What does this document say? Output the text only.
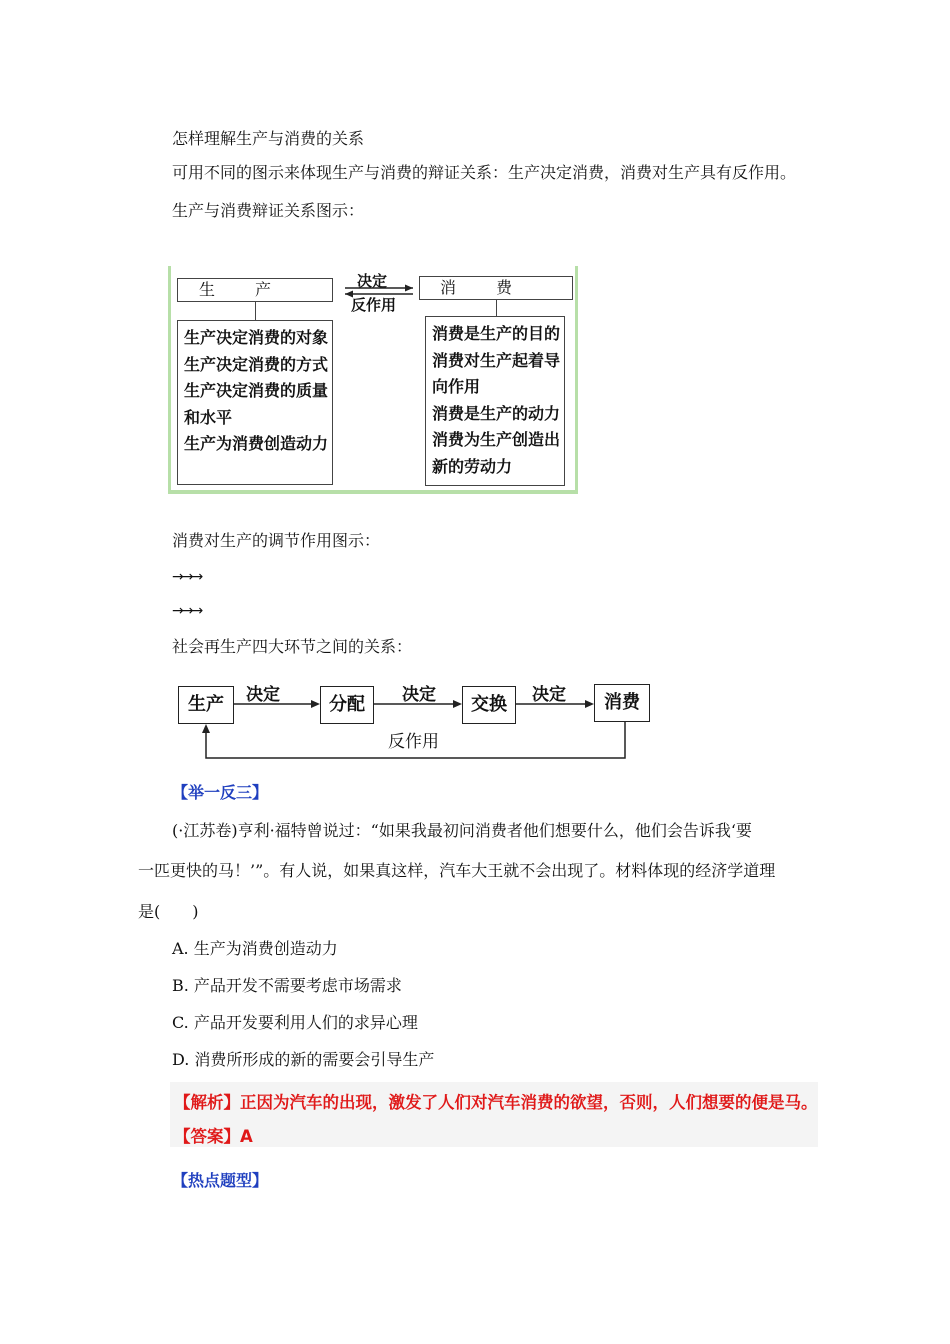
怎样理解生产与消费的关系
可用不同的图示来体现生产与消费的辩证关系：生产决定消费，消费对生产具有反作用。
生产与消费辩证关系图示：
生产	消费
决定
反作用
生产决定消费的对象
生产决定消费的方式
生产决定消费的质量
和水平
生产为消费创造动力
消费是生产的目的
消费对生产起着导
向作用
消费是生产的动力
消费为生产创造出
新的劳动力
消费对生产的调节作用图示：
→→→
→→→
社会再生产四大环节之间的关系：
生产	分配	交换	消费
决定	决定	决定
反作用
【举一反三】
(·江苏卷)亨利·福特曾说过：“如果我最初问消费者他们想要什么，他们会告诉我‘要
一匹更快的马！’”。有人说，如果真这样，汽车大王就不会出现了。材料体现的经济学道理
是(　　)
A. 生产为消费创造动力
B. 产品开发不需要考虑市场需求
C. 产品开发要利用人们的求异心理
D. 消费所形成的新的需要会引导生产
【解析】正因为汽车的出现，激发了人们对汽车消费的欲望，否则，人们想要的便是马。
【答案】A
【热点题型】
